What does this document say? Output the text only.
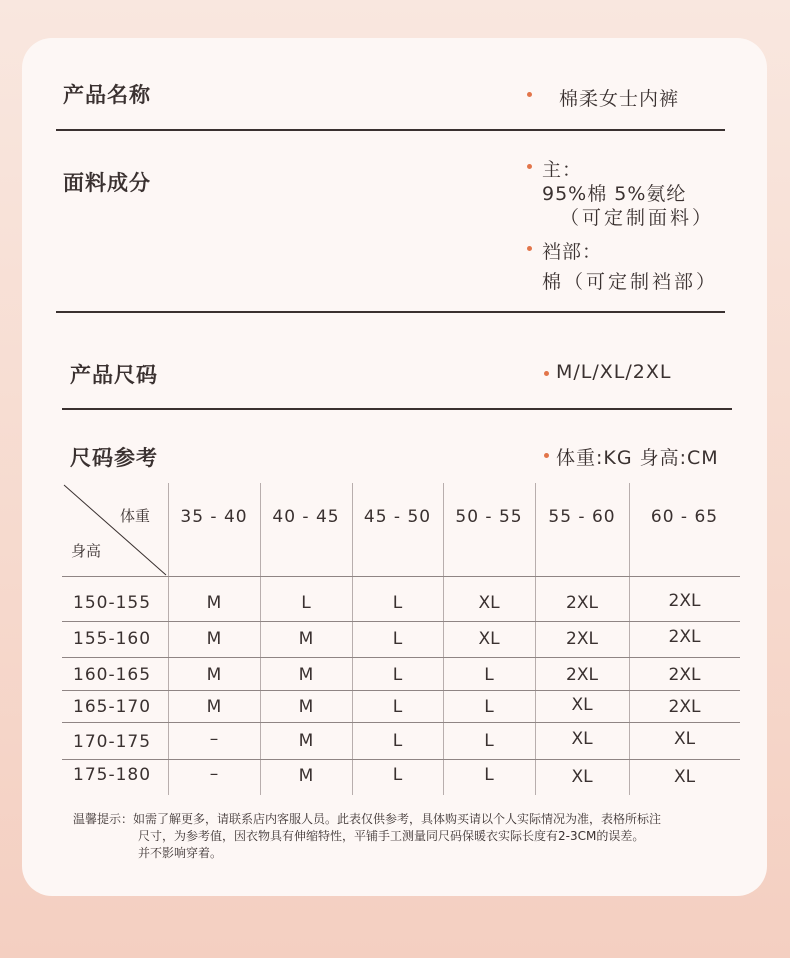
产品名称	棉柔女士内裤
面料成分
主：
95%棉 5%氨纶
（可定制面料）
裆部：
棉（可定制裆部）
产品尺码	M/L/XL/2XL
尺码参考	体重:KG 身高:CM
体重
身高
35 - 40	40 - 45	45 - 50	50 - 55	55 - 60	60 - 65
150-155	M	L	L	XL	2XL	2XL
155-160	M	M	L	XL	2XL	2XL
160-165	M	M	L	L	2XL	2XL
165-170	M	M	L	L	XL	2XL
170-175	–	M	L	L	XL	XL
175-180	–	M	L	L	XL	XL
温馨提示：如需了解更多，请联系店内客服人员。此表仅供参考，具体购买请以个人实际情况为准，表格所标注
尺寸，为参考值，因衣物具有伸缩特性，平铺手工测量同尺码保暖衣实际长度有2-3CM的误差。
并不影响穿着。
